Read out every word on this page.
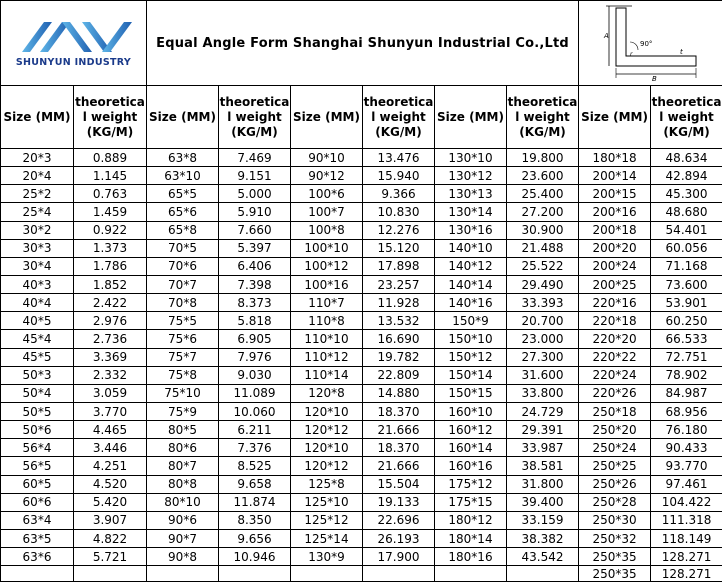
SHUNYUN INDUSTRY		Equal Angle Form Shanghai Shunyun Industrial Co.,Ltd						A
90°
r t
B	

Size (MM)	theoretical weight (KG/M)	Size (MM)	theoretical weight (KG/M)	Size (MM)	theoretical weight (KG/M)	Size (MM)	theoretical weight (KG/M)	Size (MM)	theoretical weight (KG/M)
20*3	0.889	63*8	7.469	90*10	13.476	130*10	19.800	180*18	48.634
20*4	1.145	63*10	9.151	90*12	15.940	130*12	23.600	200*14	42.894
25*2	0.763	65*5	5.000	100*6	9.366	130*13	25.400	200*15	45.300
25*4	1.459	65*6	5.910	100*7	10.830	130*14	27.200	200*16	48.680
30*2	0.922	65*8	7.660	100*8	12.276	130*16	30.900	200*18	54.401
30*3	1.373	70*5	5.397	100*10	15.120	140*10	21.488	200*20	60.056
30*4	1.786	70*6	6.406	100*12	17.898	140*12	25.522	200*24	71.168
40*3	1.852	70*7	7.398	100*16	23.257	140*14	29.490	200*25	73.600
40*4	2.422	70*8	8.373	110*7	11.928	140*16	33.393	220*16	53.901
40*5	2.976	75*5	5.818	110*8	13.532	150*9	20.700	220*18	60.250
45*4	2.736	75*6	6.905	110*10	16.690	150*10	23.000	220*20	66.533
45*5	3.369	75*7	7.976	110*12	19.782	150*12	27.300	220*22	72.751
50*3	2.332	75*8	9.030	110*14	22.809	150*14	31.600	220*24	78.902
50*4	3.059	75*10	11.089	120*8	14.880	150*15	33.800	220*26	84.987
50*5	3.770	75*9	10.060	120*10	18.370	160*10	24.729	250*18	68.956
50*6	4.465	80*5	6.211	120*12	21.666	160*12	29.391	250*20	76.180
56*4	3.446	80*6	7.376	120*10	18.370	160*14	33.987	250*24	90.433
56*5	4.251	80*7	8.525	120*12	21.666	160*16	38.581	250*25	93.770
60*5	4.520	80*8	9.658	125*8	15.504	175*12	31.800	250*26	97.461
60*6	5.420	80*10	11.874	125*10	19.133	175*15	39.400	250*28	104.422
63*4	3.907	90*6	8.350	125*12	22.696	180*12	33.159	250*30	111.318
63*5	4.822	90*7	9.656	125*14	26.193	180*14	38.382	250*32	118.149
63*6	5.721	90*8	10.946	130*9	17.900	180*16	43.542	250*35	128.271
								250*35	128.271
